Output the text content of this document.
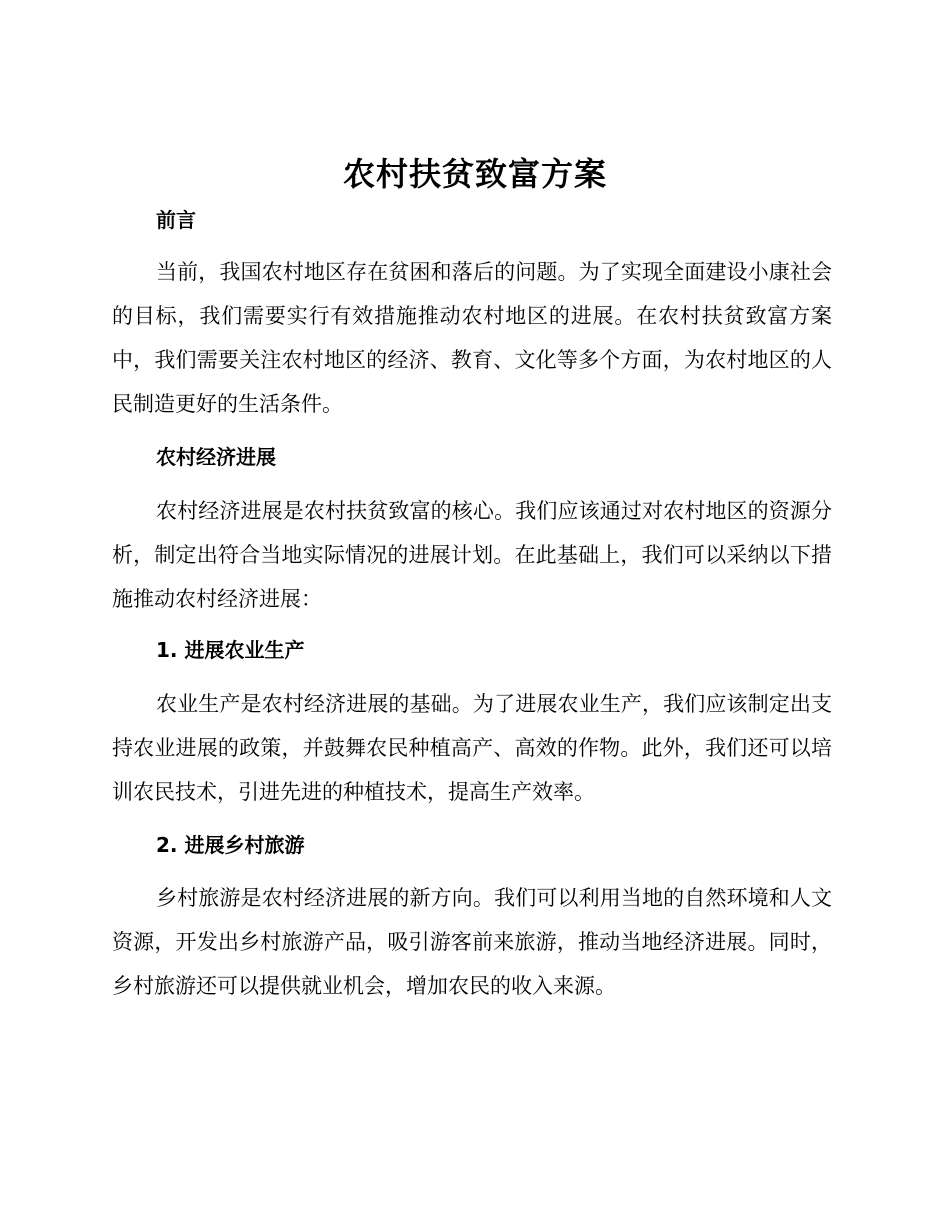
农村扶贫致富方案
前言

当前，我国农村地区存在贫困和落后的问题。为了实现全面建设小康社会的目标，我们需要实行有效措施推动农村地区的进展。在农村扶贫致富方案中，我们需要关注农村地区的经济、教育、文化等多个方面，为农村地区的人民制造更好的生活条件。

农村经济进展

农村经济进展是农村扶贫致富的核心。我们应该通过对农村地区的资源分析，制定出符合当地实际情况的进展计划。在此基础上，我们可以采纳以下措施推动农村经济进展：

1. 进展农业生产

农业生产是农村经济进展的基础。为了进展农业生产，我们应该制定出支持农业进展的政策，并鼓舞农民种植高产、高效的作物。此外，我们还可以培训农民技术，引进先进的种植技术，提高生产效率。

2. 进展乡村旅游

乡村旅游是农村经济进展的新方向。我们可以利用当地的自然环境和人文资源，开发出乡村旅游产品，吸引游客前来旅游，推动当地经济进展。同时，乡村旅游还可以提供就业机会，增加农民的收入来源。
